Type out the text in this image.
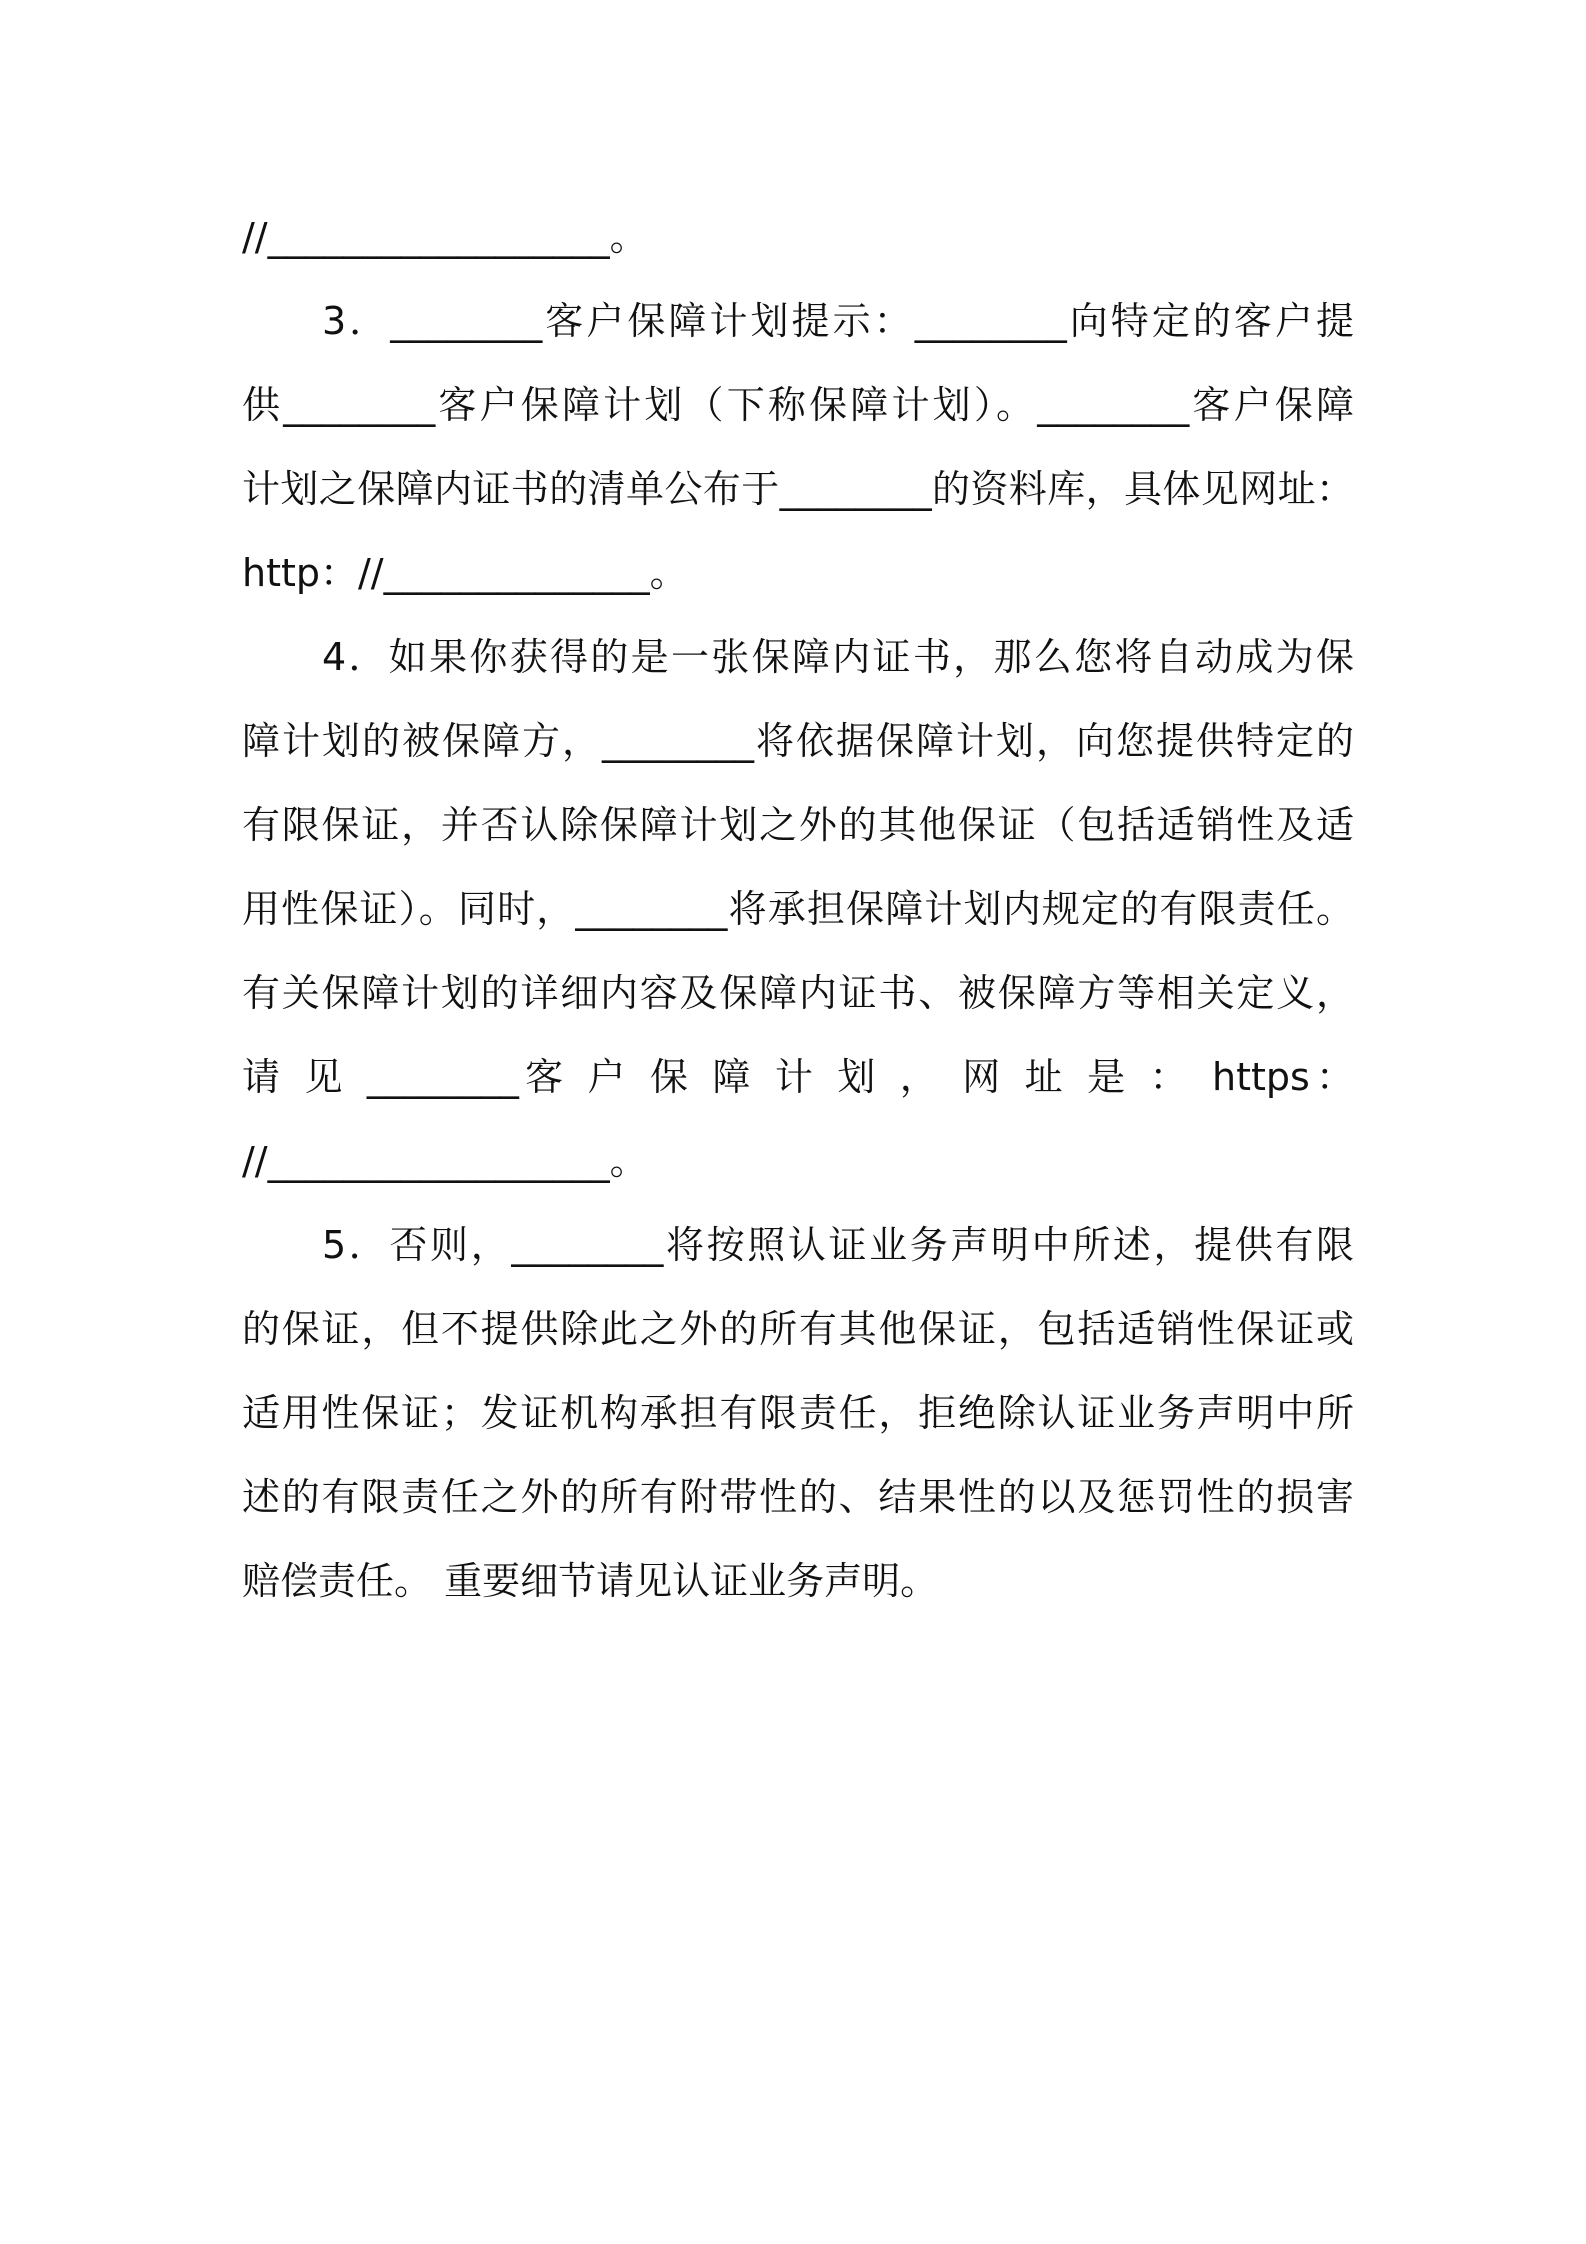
//__________________。
3．________客户保障计划提示：________向特定的客户提
供________客户保障计划（下称保障计划）。________客户保障
计划之保障内证书的清单公布于________的资料库，具体见网址：
http：//______________。
4．如果你获得的是一张保障内证书，那么您将自动成为保
障计划的被保障方，________将依据保障计划，向您提供特定的
有限保证，并否认除保障计划之外的其他保证（包括适销性及适
用性保证）。同时，________将承担保障计划内规定的有限责任。
有关保障计划的详细内容及保障内证书、被保障方等相关定义，
请 见 ________客 户 保 障 计 划 ， 网 址 是 ： https：
//__________________。
5．否则，________将按照认证业务声明中所述，提供有限
的保证，但不提供除此之外的所有其他保证，包括适销性保证或
适用性保证；发证机构承担有限责任，拒绝除认证业务声明中所
述的有限责任之外的所有附带性的、结果性的以及惩罚性的损害
赔偿责任。 重要细节请见认证业务声明。
